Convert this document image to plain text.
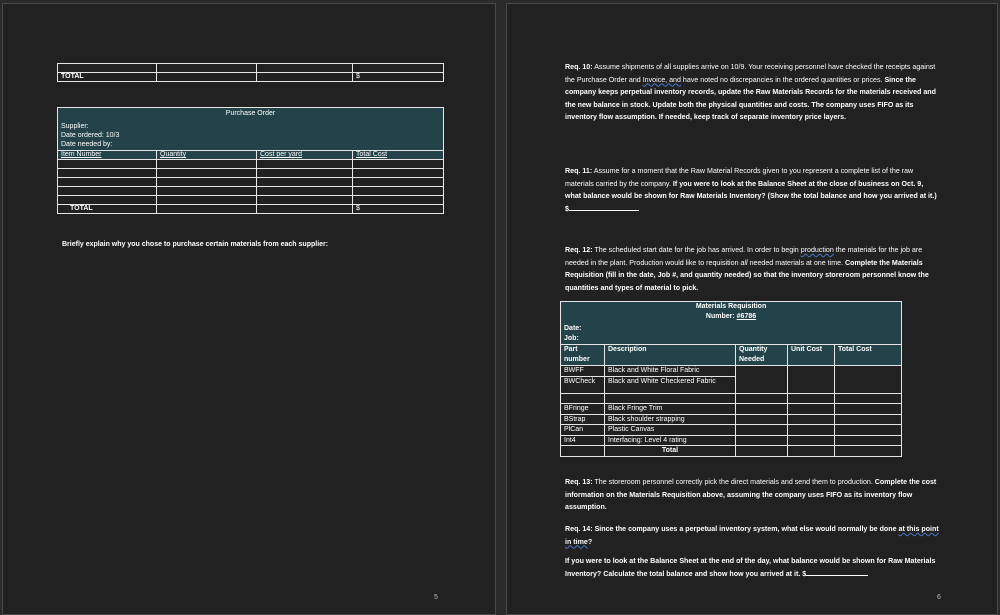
TOTAL			$
Purchase Order
Supplier:
Date ordered: 10/3
Date needed by:			

Item Number	Quantity	Cost per yard	Total Cost

TOTAL			$
Briefly explain why you chose to purchase certain materials from each supplier:
5
Req. 10: Assume shipments of all supplies arrive on 10/9. Your receiving personnel have checked the receipts against the Purchase Order and Invoice, and have noted no discrepancies in the ordered quantities or prices. Since the company keeps perpetual inventory records, update the Raw Materials Records for the materials received and the new balance in stock. Update both the physical quantities and costs. The company uses FIFO as its inventory flow assumption. If needed, keep track of separate inventory price layers.
Req. 11: Assume for a moment that the Raw Material Records given to you represent a complete list of the raw materials carried by the company. If you were to look at the Balance Sheet at the close of business on Oct. 9, what balance would be shown for Raw Materials Inventory? (Show the total balance and how you arrived at it.) $
Req. 12: The scheduled start date for the job has arrived. In order to begin production the materials for the job are needed in the plant. Production would like to requisition all needed materials at one time. Complete the Materials Requisition (fill in the date, Job #, and quantity needed) so that the inventory storeroom personnel know the quantities and types of material to pick.
Materials Requisition
Number: #6786
Date:
Job:				

Part number	Description	Quantity Needed	Unit Cost	Total Cost
BWFF	Black and White Floral Fabric			
BWCheck	Black and White Checkered Fabric			

BFringe	Black Fringe Trim			
BStrap	Black shoulder strapping			
PlCan	Plastic Canvas			
Int4	Interfacing: Level 4 rating			
	Total			
Req. 13: The storeroom personnel correctly pick the direct materials and send them to production. Complete the cost information on the Materials Requisition above, assuming the company uses FIFO as its inventory flow assumption.
Req. 14: Since the company uses a perpetual inventory system, what else would normally be done at this point in time?
If you were to look at the Balance Sheet at the end of the day, what balance would be shown for Raw Materials Inventory? Calculate the total balance and show how you arrived at it. $
6
